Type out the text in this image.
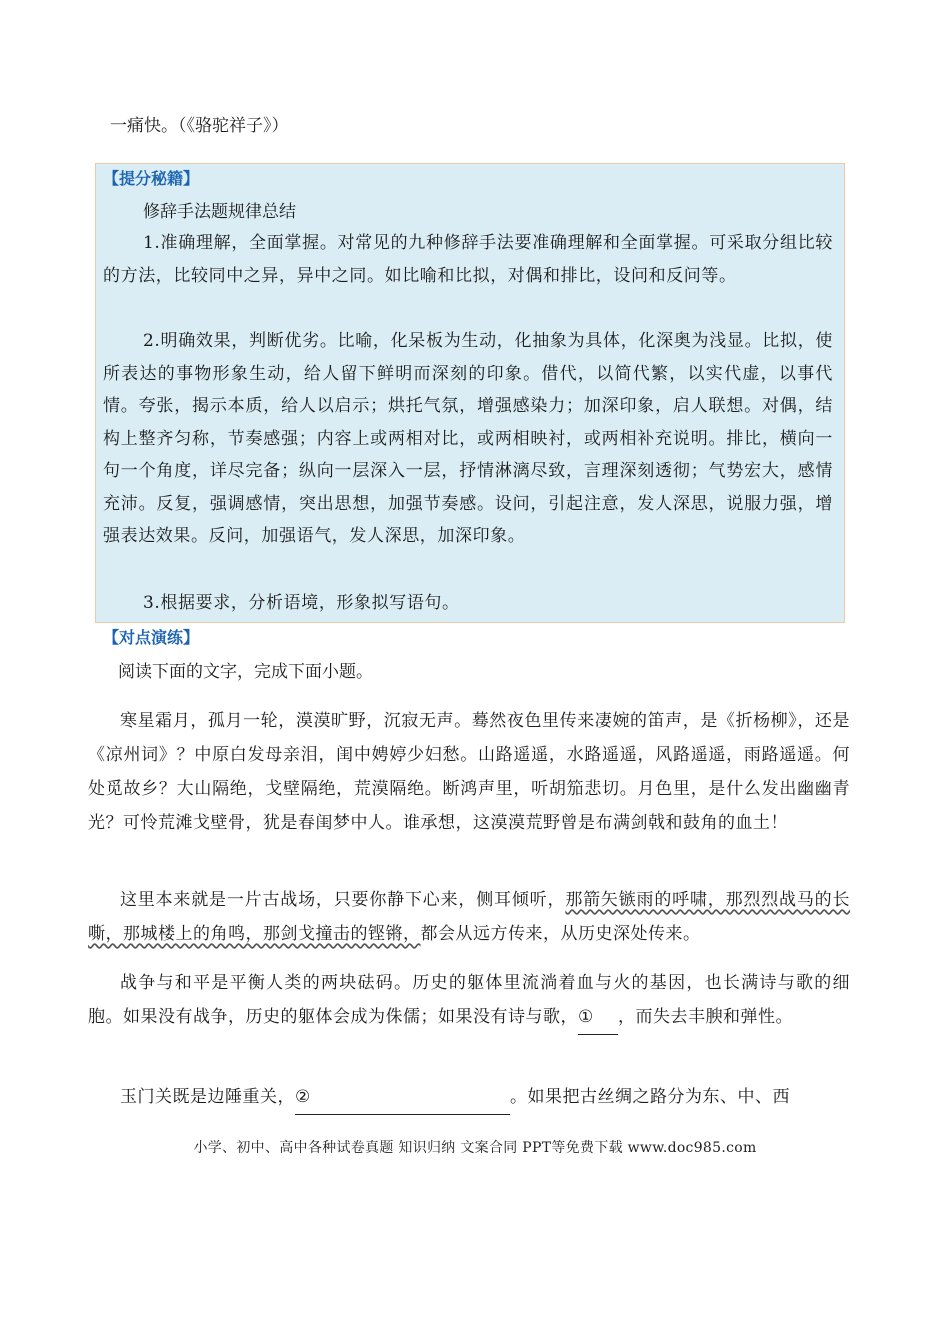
一痛快。（《骆驼祥子》）
【提分秘籍】
修辞手法题规律总结

1.准确理解，全面掌握。对常见的九种修辞手法要准确理解和全面掌握。可采取分组比较的方法，比较同中之异，异中之同。如比喻和比拟，对偶和排比，设问和反问等。

2.明确效果，判断优劣。比喻，化呆板为生动，化抽象为具体，化深奥为浅显。比拟，使所表达的事物形象生动，给人留下鲜明而深刻的印象。借代，以简代繁，以实代虚，以事代情。夸张，揭示本质，给人以启示；烘托气氛，增强感染力；加深印象，启人联想。对偶，结构上整齐匀称，节奏感强；内容上或两相对比，或两相映衬，或两相补充说明。排比，横向一句一个角度，详尽完备；纵向一层深入一层，抒情淋漓尽致，言理深刻透彻；气势宏大，感情充沛。反复，强调感情，突出思想，加强节奏感。设问，引起注意，发人深思，说服力强，增强表达效果。反问，加强语气，发人深思，加深印象。

3.根据要求，分析语境，形象拟写语句。

【对点演练】
阅读下面的文字，完成下面小题。

寒星霜月，孤月一轮，漠漠旷野，沉寂无声。蓦然夜色里传来凄婉的笛声，是《折杨柳》，还是《凉州词》？中原白发母亲泪，闺中娉婷少妇愁。山路遥遥，水路遥遥，风路遥遥，雨路遥遥。何处觅故乡？大山隔绝，戈壁隔绝，荒漠隔绝。断鸿声里，听胡笳悲切。月色里，是什么发出幽幽青光？可怜荒滩戈壁骨，犹是春闺梦中人。谁承想，这漠漠荒野曾是布满剑戟和鼓角的血土！

这里本来就是一片古战场，只要你静下心来，侧耳倾听，那箭矢镞雨的呼啸，那烈烈战马的长嘶，那城楼上的角鸣，那剑戈撞击的铿锵，都会从远方传来，从历史深处传来。

战争与和平是平衡人类的两块砝码。历史的躯体里流淌着血与火的基因，也长满诗与歌的细胞。如果没有战争，历史的躯体会成为侏儒；如果没有诗与歌，① ，而失去丰腴和弹性。

玉门关既是边陲重关，②	。如果把古丝绸之路分为东、中、西

小学、初中、高中各种试卷真题 知识归纳 文案合同 PPT等免费下载 www.doc985.com
